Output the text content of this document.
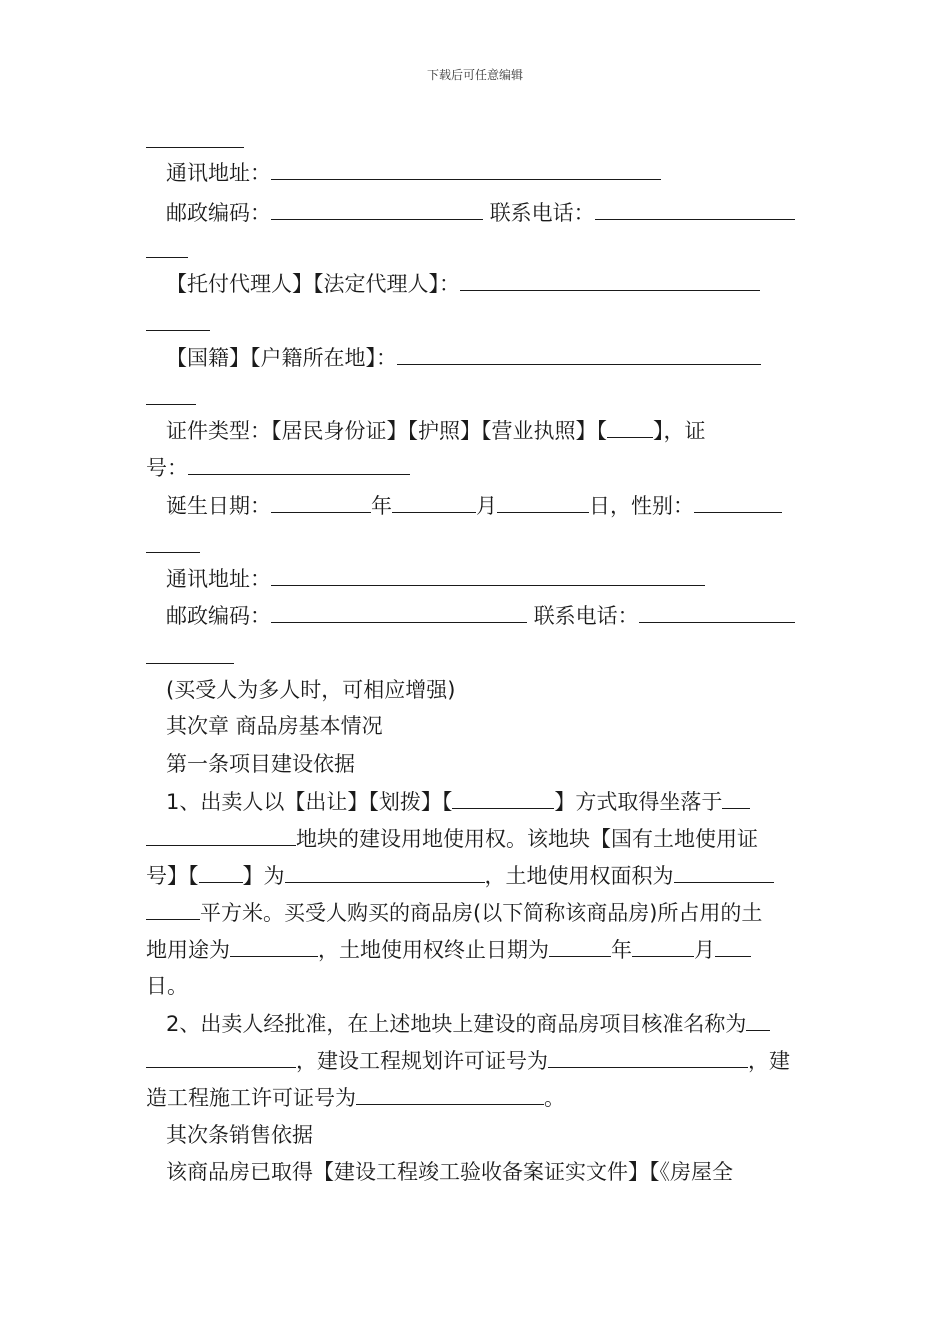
下载后可任意编辑
通讯地址：
邮政编码：	联系电话：
【托付代理人】【法定代理人】：
【国籍】【户籍所在地】：
证件类型：【居民身份证】【护照】【营业执照】【 】，证
号：
诞生日期：	年	月	日，性别：
通讯地址：
邮政编码：	联系电话：
(买受人为多人时，可相应增强)
其次章 商品房基本情况
第一条项目建设依据
1、出卖人以【出让】【划拨】【	】方式取得坐落于
地块的建设用地使用权。该地块【国有土地使用证
号】【 】为	，土地使用权面积为
平方米。买受人购买的商品房(以下简称该商品房)所占用的土
地用途为	，土地使用权终止日期为	年	月
日。
2、出卖人经批准，在上述地块上建设的商品房项目核准名称为
，建设工程规划许可证号为	，建
造工程施工许可证号为	。
其次条销售依据
该商品房已取得【建设工程竣工验收备案证实文件】【《房屋全
